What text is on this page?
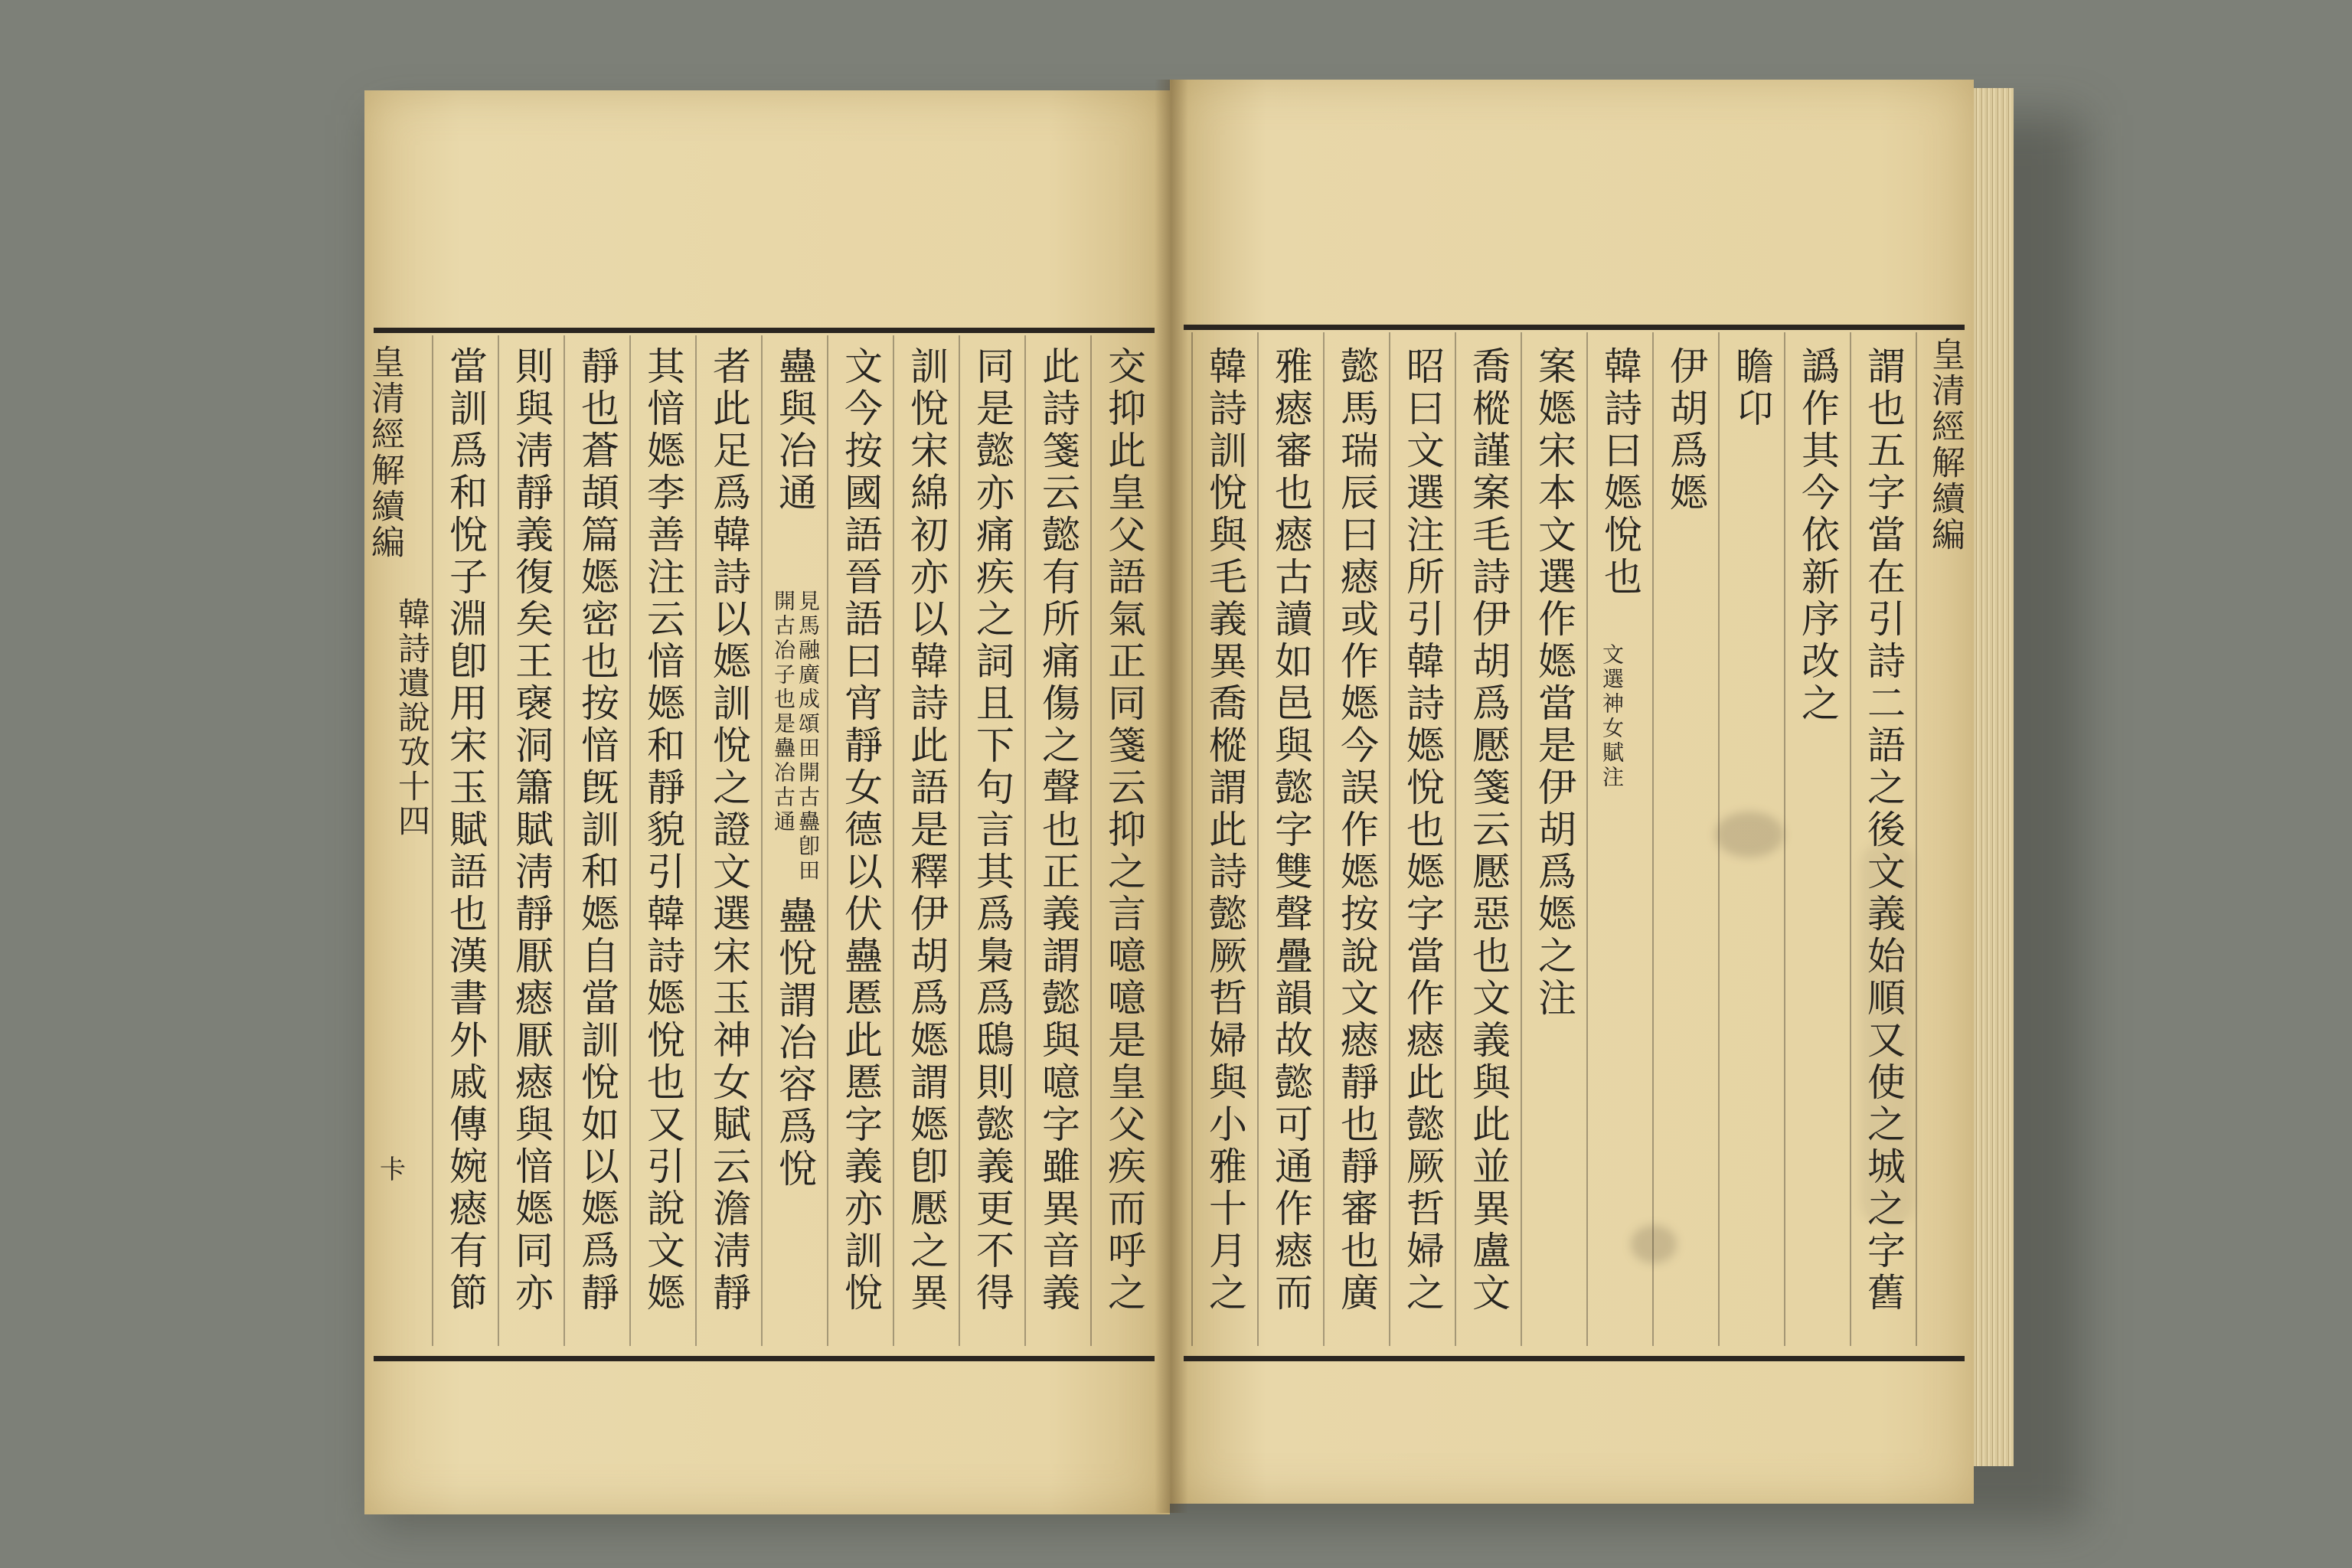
皇清經解續編
韓詩遺說攷十四
卡	交抑此皇父語氣正同箋云抑之言噫噫是皇父疾而呼之
此詩箋云懿有所痛傷之聲也正義謂懿與噫字雖異音義
同是懿亦痛疾之詞且下句言其爲梟爲鴟則懿義更不得
訓悅宋綿初亦以韓詩此語是釋伊胡爲嫕謂嫕卽懕之異
文今按國語晉語曰宵靜女德以伏蠱慝此慝字義亦訓悅
蠱與冶通
見馬融廣成頌田開古蠱卽田
開古冶子也是蠱冶古通
蠱悅謂冶容爲悅
者此足爲韓詩以嫕訓悅之證文選宋玉神女賦云澹淸靜
其愔嫕李善注云愔嫕和靜貌引韓詩嫕悅也又引說文嫕
靜也蒼頡篇嫕密也按愔旣訓和嫕自當訓悅如以嫕爲靜
則與淸靜義復矣王襃洞簫賦淸靜厭瘱厭瘱與愔嫕同亦
當訓爲和悅子淵卽用宋玉賦語也漢書外戚傳婉瘱有節	皇清經解續編
謂也五字當在引詩二語之後文義始順又使之城之字舊
譌作其今依新序改之
瞻卬
伊胡爲嫕
韓詩曰嫕悅也
文選神女賦注
案嫕宋本文選作嫕當是伊胡爲嫕之注
喬樅謹案毛詩伊胡爲懕箋云懕惡也文義與此並異盧文
昭曰文選注所引韓詩嫕悅也嫕字當作瘱此懿厥哲婦之
懿馬瑞辰曰瘱或作嫕今誤作嫕按說文瘱靜也靜審也廣
雅瘱審也瘱古讀如邑與懿字雙聲疊韻故懿可通作瘱而
韓詩訓悅與毛義異喬樅謂此詩懿厥哲婦與小雅十月之
